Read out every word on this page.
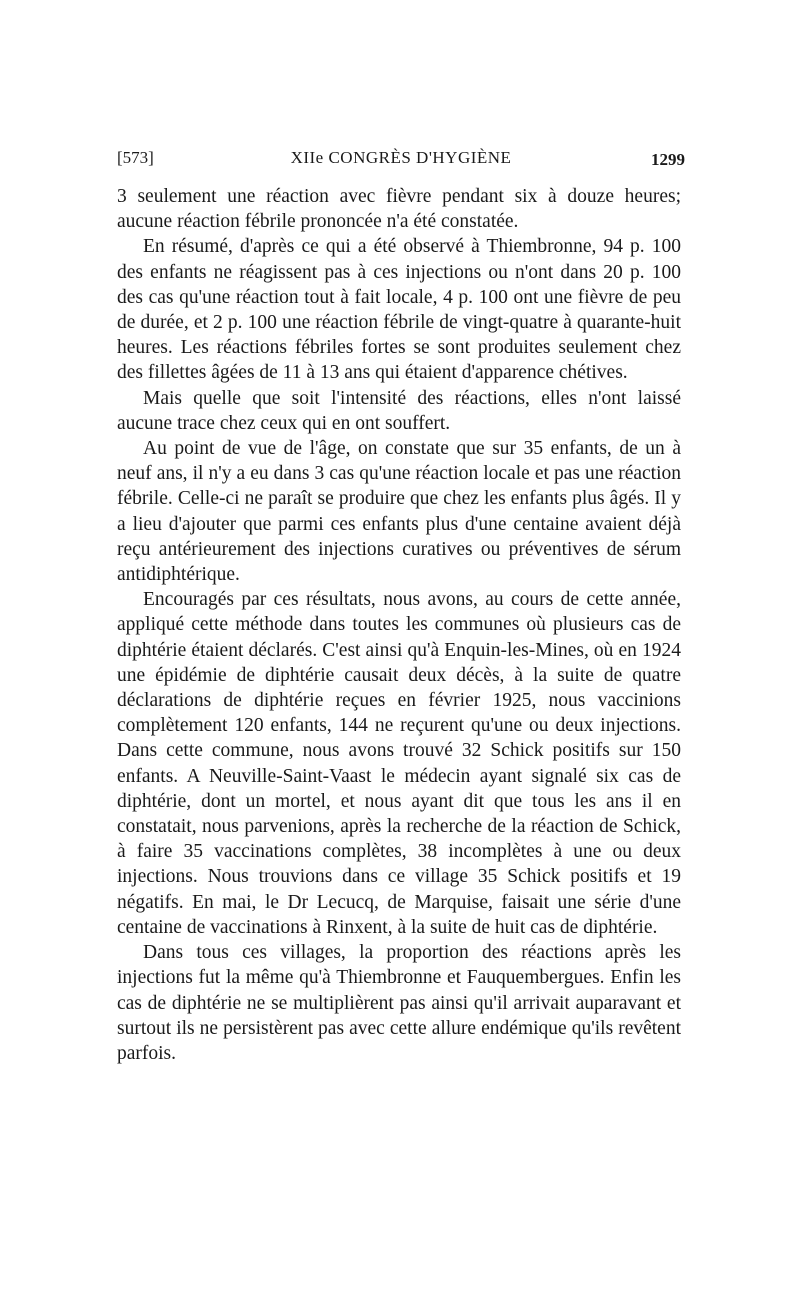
[573]	XIIe CONGRÈS D'HYGIÈNE	1299

3 seulement une réaction avec fièvre pendant six à douze heures; aucune réaction fébrile prononcée n'a été constatée.

En résumé, d'après ce qui a été observé à Thiembronne, 94 p. 100 des enfants ne réagissent pas à ces injections ou n'ont dans 20 p. 100 des cas qu'une réaction tout à fait locale, 4 p. 100 ont une fièvre de peu de durée, et 2 p. 100 une réaction fébrile de vingt-quatre à quarante-huit heures. Les réactions fébriles fortes se sont produites seulement chez des fillettes âgées de 11 à 13 ans qui étaient d'apparence chétives.

Mais quelle que soit l'intensité des réactions, elles n'ont laissé aucune trace chez ceux qui en ont souffert.

Au point de vue de l'âge, on constate que sur 35 enfants, de un à neuf ans, il n'y a eu dans 3 cas qu'une réaction locale et pas une réaction fébrile. Celle-ci ne paraît se produire que chez les enfants plus âgés. Il y a lieu d'ajouter que parmi ces enfants plus d'une centaine avaient déjà reçu antérieurement des injections curatives ou préventives de sérum antidiphtérique.

Encouragés par ces résultats, nous avons, au cours de cette année, appliqué cette méthode dans toutes les communes où plusieurs cas de diphtérie étaient déclarés. C'est ainsi qu'à Enquin-les-Mines, où en 1924 une épidémie de diphtérie causait deux décès, à la suite de quatre déclarations de diphtérie reçues en février 1925, nous vaccinions complètement 120 enfants, 144 ne reçurent qu'une ou deux injections. Dans cette commune, nous avons trouvé 32 Schick positifs sur 150 enfants. A Neuville-Saint-Vaast le médecin ayant signalé six cas de diphtérie, dont un mortel, et nous ayant dit que tous les ans il en constatait, nous parvenions, après la recherche de la réaction de Schick, à faire 35 vaccinations complètes, 38 incomplètes à une ou deux injections. Nous trouvions dans ce village 35 Schick positifs et 19 négatifs. En mai, le Dr Lecucq, de Marquise, faisait une série d'une centaine de vaccinations à Rinxent, à la suite de huit cas de diphtérie.

Dans tous ces villages, la proportion des réactions après les injections fut la même qu'à Thiembronne et Fauquembergues. Enfin les cas de diphtérie ne se multiplièrent pas ainsi qu'il arrivait auparavant et surtout ils ne persistèrent pas avec cette allure endémique qu'ils revêtent parfois.
